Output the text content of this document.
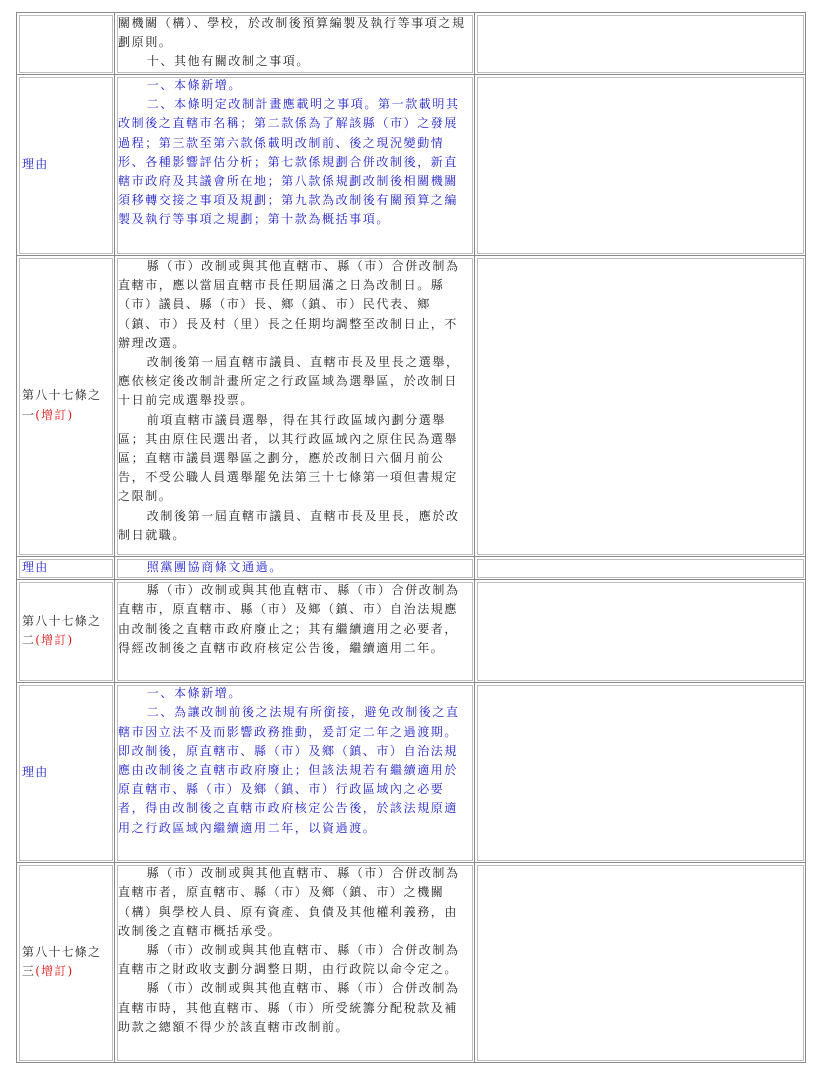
	關機關（構）、學校，於改制後預算編製及執行等事項之規劃原則。

十、其他有關改制之事項。	

理由	一、本條新增。

二、本條明定改制計畫應載明之事項。第一款載明其改制後之直轄市名稱；第二款係為了解該縣（市）之發展過程；第三款至第六款係載明改制前、後之現況變動情形、各種影響評估分析；第七款係規劃合併改制後，新直轄市政府及其議會所在地；第八款係規劃改制後相關機關須移轉交接之事項及規劃；第九款為改制後有關預算之編製及執行等事項之規劃；第十款為概括事項。	

第八十七條之一(增訂)	縣（市）改制或與其他直轄市、縣（市）合併改制為直轄市，應以當屆直轄市長任期屆滿之日為改制日。縣（市）議員、縣（市）長、鄉（鎮、市）民代表、鄉（鎮、市）長及村（里）長之任期均調整至改制日止，不辦理改選。

改制後第一屆直轄市議員、直轄市長及里長之選舉，應依核定後改制計畫所定之行政區域為選舉區，於改制日十日前完成選舉投票。

前項直轄市議員選舉，得在其行政區域內劃分選舉區；其由原住民選出者，以其行政區域內之原住民為選舉區；直轄市議員選舉區之劃分，應於改制日六個月前公告，不受公職人員選舉罷免法第三十七條第一項但書規定之限制。

改制後第一屆直轄市議員、直轄市長及里長，應於改制日就職。	

理由	照黨團協商條文通過。	

第八十七條之二(增訂)	縣（市）改制或與其他直轄市、縣（市）合併改制為直轄市，原直轄市、縣（市）及鄉（鎮、市）自治法規應由改制後之直轄市政府廢止之；其有繼續適用之必要者，得經改制後之直轄市政府核定公告後，繼續適用二年。	

理由	一、本條新增。

二、為讓改制前後之法規有所銜接，避免改制後之直轄市因立法不及而影響政務推動，爰訂定二年之過渡期。即改制後，原直轄市、縣（市）及鄉（鎮、市）自治法規應由改制後之直轄市政府廢止；但該法規若有繼續適用於原直轄市、縣（市）及鄉（鎮、市）行政區域內之必要者，得由改制後之直轄市政府核定公告後，於該法規原適用之行政區域內繼續適用二年，以資過渡。	

第八十七條之三(增訂)	縣（市）改制或與其他直轄市、縣（市）合併改制為直轄市者，原直轄市、縣（市）及鄉（鎮、市）之機關（構）與學校人員、原有資產、負債及其他權利義務，由改制後之直轄市概括承受。

縣（市）改制或與其他直轄市、縣（市）合併改制為直轄市之財政收支劃分調整日期，由行政院以命令定之。

縣（市）改制或與其他直轄市、縣（市）合併改制為直轄市時，其他直轄市、縣（市）所受統籌分配稅款及補助款之總額不得少於該直轄市改制前。	
